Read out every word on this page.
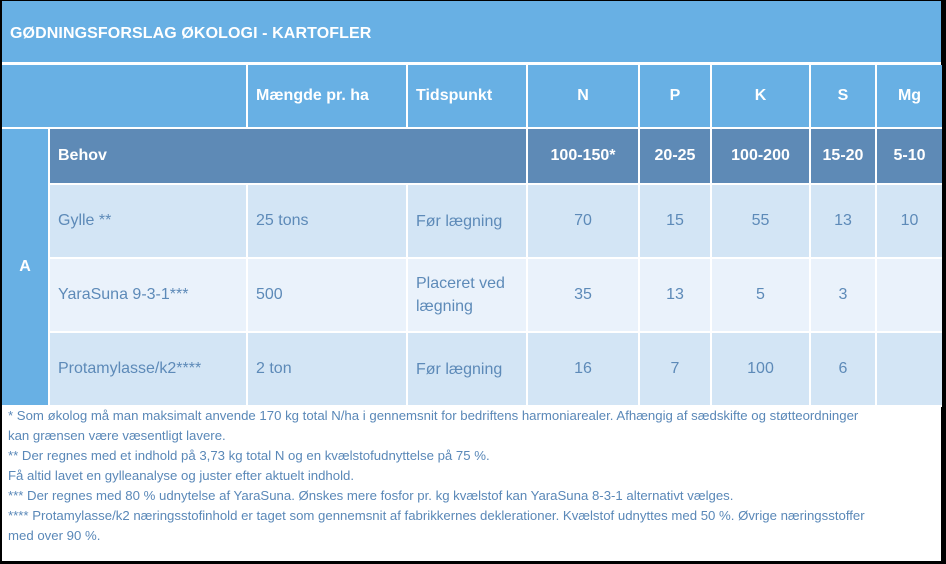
GØDNINGSFORSLAG ØKOLOGI - KARTOFLER
		Mængde pr. ha	Tidspunkt	N	P	K	S	Mg
A	Behov			100-150*	20-25	100-200	15-20	5-10
	Gylle **	25 tons	Før lægning	70	15	55	13	10
	YaraSuna 9-3-1***	500	Placeret ved lægning	35	13	5	3	
	Protamylasse/k2****	2 ton	Før lægning	16	7	100	6	
* Som økolog må man maksimalt anvende 170 kg total N/ha i gennemsnit for bedriftens harmoniarealer. Afhængig af sædskifte og støtteordninger
kan grænsen være væsentligt lavere.
** Der regnes med et indhold på 3,73 kg total N og en kvælstofudnyttelse på 75 %.
Få altid lavet en gylleanalyse og juster efter aktuelt indhold.
*** Der regnes med 80 % udnytelse af YaraSuna. Ønskes mere fosfor pr. kg kvælstof kan YaraSuna 8-3-1 alternativt vælges.
**** Protamylasse/k2 næringsstofinhold er taget som gennemsnit af fabrikkernes deklerationer. Kvælstof udnyttes med 50 %. Øvrige næringsstoffer
med over 90 %.
